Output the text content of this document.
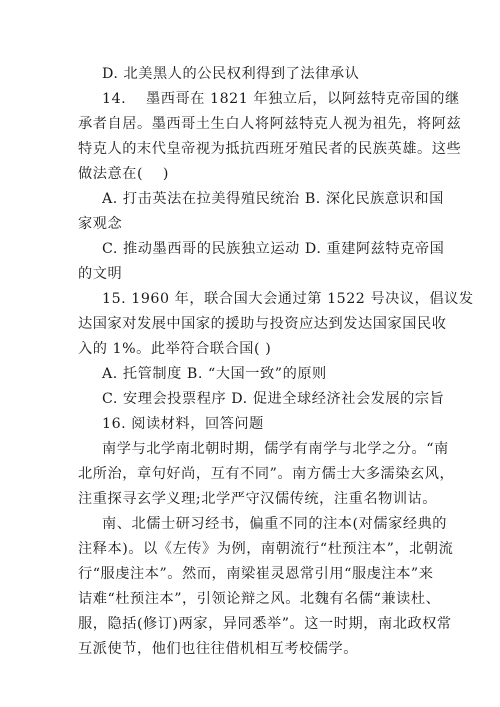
D. 北美黑人的公民权利得到了法律承认
14.　 墨西哥在 1821 年独立后，以阿兹特克帝国的继
承者自居。墨西哥土生白人将阿兹特克人视为祖先，将阿兹
特克人的末代皇帝视为抵抗西班牙殖民者的民族英雄。这些
做法意在(　 )
A. 打击英法在拉美得殖民统治 B. 深化民族意识和国
家观念
C. 推动墨西哥的民族独立运动 D. 重建阿兹特克帝国
的文明
15. 1960 年，联合国大会通过第 1522 号决议，倡议发
达国家对发展中国家的援助与投资应达到发达国家国民收
入的 1%。此举符合联合国( )
A. 托管制度 B. “大国一致”的原则
C. 安理会投票程序 D. 促进全球经济社会发展的宗旨
16. 阅读材料，回答问题
南学与北学南北朝时期，儒学有南学与北学之分。“南
北所治，章句好尚，互有不同”。南方儒士大多濡染玄风，
注重探寻玄学义理;北学严守汉儒传统，注重名物训诂。
南、北儒士研习经书，偏重不同的注本(对儒家经典的
注释本)。以《左传》为例，南朝流行“杜预注本”，北朝流
行“服虔注本”。然而，南梁崔灵恩常引用“服虔注本”来
诘难“杜预注本”，引领论辩之风。北魏有名儒“兼读杜、
服，隐括(修订)两家，异同悉举”。这一时期，南北政权常
互派使节，他们也往往借机相互考校儒学。
